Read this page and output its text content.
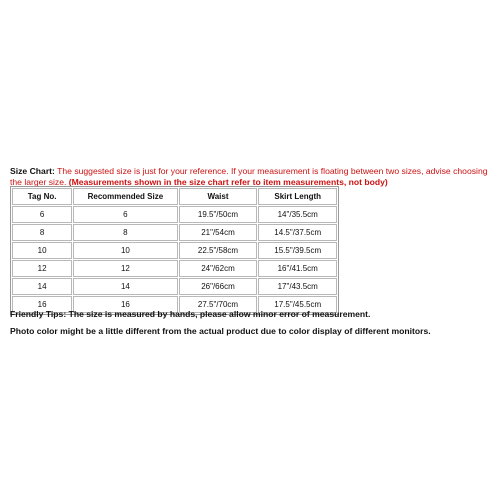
Size Chart: The suggested size is just for your reference. If your measurement is floating between two sizes, advise choosing the larger size. (Measurements shown in the size chart refer to item measurements, not body)
Tag No.	Recommended Size	Waist	Skirt Length
6	6	19.5"/50cm	14"/35.5cm
8	8	21"/54cm	14.5"/37.5cm
10	10	22.5"/58cm	15.5"/39.5cm
12	12	24"/62cm	16"/41.5cm
14	14	26"/66cm	17"/43.5cm
16	16	27.5"/70cm	17.5"/45.5cm
Friendly Tips: The size is measured by hands, please allow minor error of measurement.
Photo color might be a little different from the actual product due to color display of different monitors.
